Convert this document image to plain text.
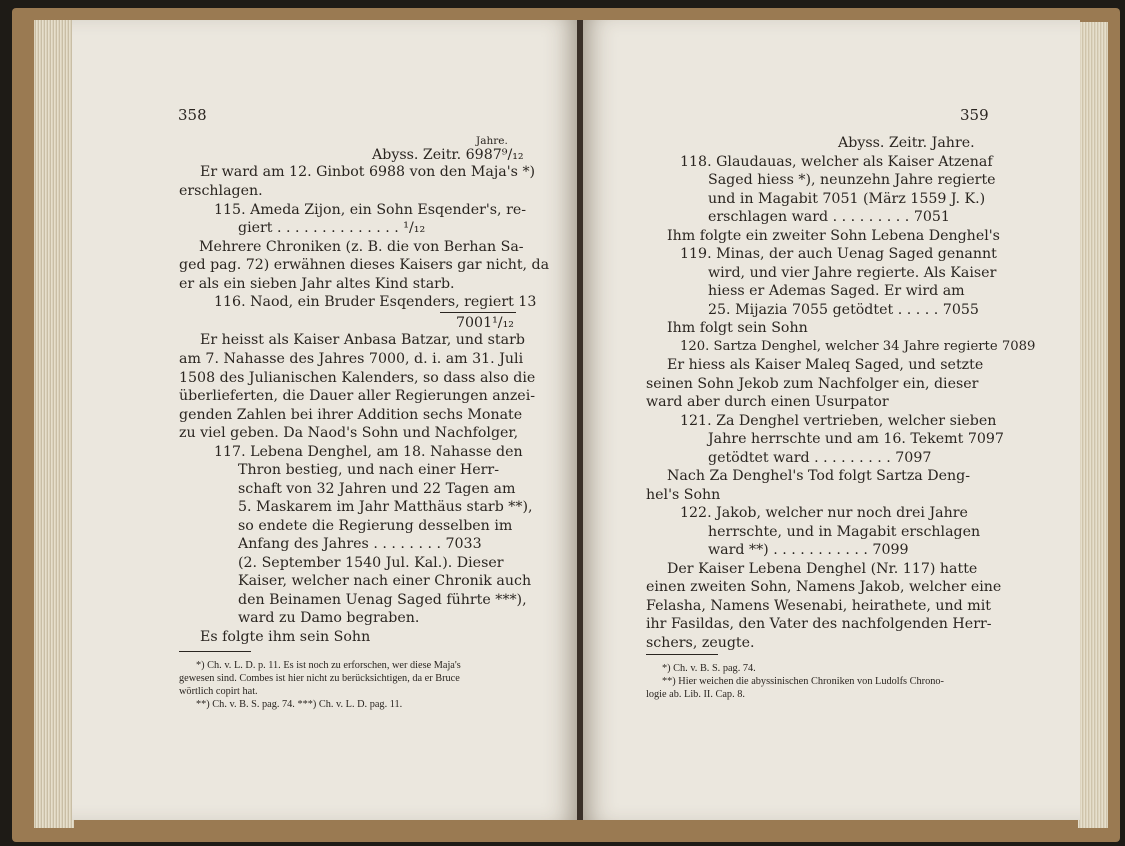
358
Jahre.
Abyss. Zeitr. 6987⁹/₁₂
Er ward am 12. Ginbot 6988 von den Maja's *)
erschlagen.
115. Ameda Zijon, ein Sohn Esqender's, re-
giert . . . . . . . . . . . . . . ¹/₁₂
Mehrere Chroniken (z. B. die von Berhan Sa-
ged pag. 72) erwähnen dieses Kaisers gar nicht, da
er als ein sieben Jahr altes Kind starb.
116. Naod, ein Bruder Esqenders, regiert 13
7001¹/₁₂
Er heisst als Kaiser Anbasa Batzar, und starb
am 7. Nahasse des Jahres 7000, d. i. am 31. Juli
1508 des Julianischen Kalenders, so dass also die
überlieferten, die Dauer aller Regierungen anzei-
genden Zahlen bei ihrer Addition sechs Monate
zu viel geben. Da Naod's Sohn und Nachfolger,
117. Lebena Denghel, am 18. Nahasse den
Thron bestieg, und nach einer Herr-
schaft von 32 Jahren und 22 Tagen am
5. Maskarem im Jahr Matthäus starb **),
so endete die Regierung desselben im
Anfang des Jahres . . . . . . . . 7033
(2. September 1540 Jul. Kal.). Dieser
Kaiser, welcher nach einer Chronik auch
den Beinamen Uenag Saged führte ***),
ward zu Damo begraben.
Es folgte ihm sein Sohn
*) Ch. v. L. D. p. 11. Es ist noch zu erforschen, wer diese Maja's
gewesen sind. Combes ist hier nicht zu berücksichtigen, da er Bruce
wörtlich copirt hat.
**) Ch. v. B. S. pag. 74. ***) Ch. v. L. D. pag. 11.
359
Abyss. Zeitr. Jahre.
118. Glaudauas, welcher als Kaiser Atzenaf
Saged hiess *), neunzehn Jahre regierte
und in Magabit 7051 (März 1559 J. K.)
erschlagen ward . . . . . . . . . 7051
Ihm folgte ein zweiter Sohn Lebena Denghel's
119. Minas, der auch Uenag Saged genannt
wird, und vier Jahre regierte. Als Kaiser
hiess er Ademas Saged. Er wird am
25. Mijazia 7055 getödtet . . . . . 7055
Ihm folgt sein Sohn
120. Sartza Denghel, welcher 34 Jahre regierte 7089
Er hiess als Kaiser Maleq Saged, und setzte
seinen Sohn Jekob zum Nachfolger ein, dieser
ward aber durch einen Usurpator
121. Za Denghel vertrieben, welcher sieben
Jahre herrschte und am 16. Tekemt 7097
getödtet ward . . . . . . . . . 7097
Nach Za Denghel's Tod folgt Sartza Deng-
hel's Sohn
122. Jakob, welcher nur noch drei Jahre
herrschte, und in Magabit erschlagen
ward **) . . . . . . . . . . . 7099
Der Kaiser Lebena Denghel (Nr. 117) hatte
einen zweiten Sohn, Namens Jakob, welcher eine
Felasha, Namens Wesenabi, heirathete, und mit
ihr Fasildas, den Vater des nachfolgenden Herr-
schers, zeugte.
*) Ch. v. B. S. pag. 74.
**) Hier weichen die abyssinischen Chroniken von Ludolfs Chrono-
logie ab. Lib. II. Cap. 8.
